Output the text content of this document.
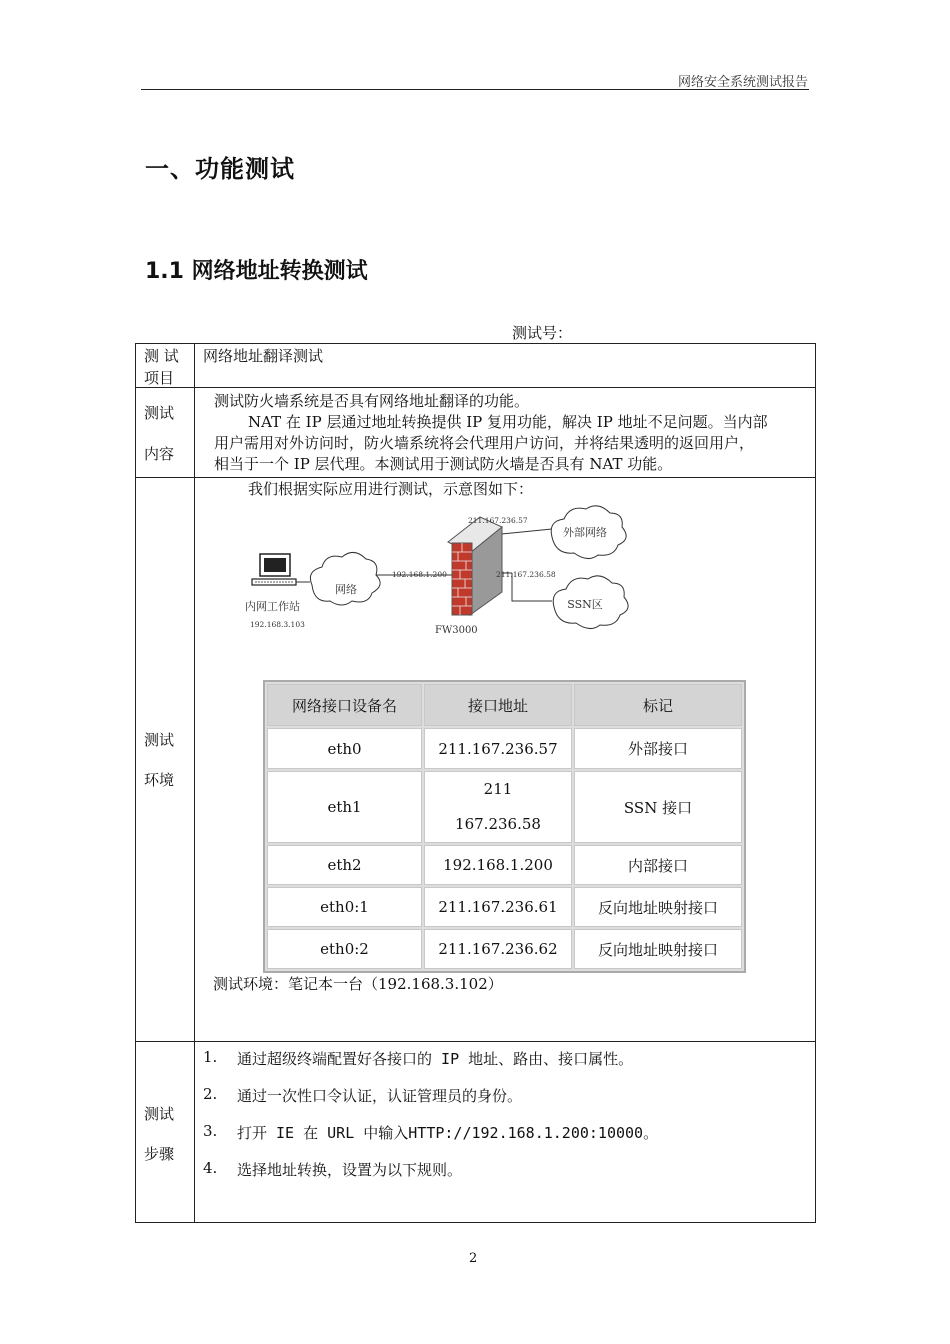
网络安全系统测试报告
一、功能测试
1.1 网络地址转换测试
测试号：
测 试
项目
网络地址翻译测试
测试
内容
测试防火墙系统是否具有网络地址翻译的功能。
NAT 在 IP 层通过地址转换提供 IP 复用功能，解决 IP 地址不足问题。当内部
用户需用对外访问时，防火墙系统将会代理用户访问，并将结果透明的返回用户，
相当于一个 IP 层代理。本测试用于测试防火墙是否具有 NAT 功能。
测试
环境
我们根据实际应用进行测试，示意图如下：
网络
外部网络
SSN区
211.167.236.57
192.168.1.200	211.167.236.58
内网工作站
192.168.3.103
FW3000
网络接口设备名	接口地址	标记
eth0	211.167.236.57	外部接口
eth1	211
167.236.58	SSN 接口
eth2	192.168.1.200	内部接口
eth0:1	211.167.236.61	反向地址映射接口
eth0:2	211.167.236.62	反向地址映射接口
测试环境：笔记本一台（192.168.3.102）
测试
步骤
1.	通过超级终端配置好各接口的 IP 地址、路由、接口属性。
2.	通过一次性口令认证，认证管理员的身份。
3.	打开 IE 在 URL 中输入HTTP://192.168.1.200:10000。
4.	选择地址转换，设置为以下规则。
2
